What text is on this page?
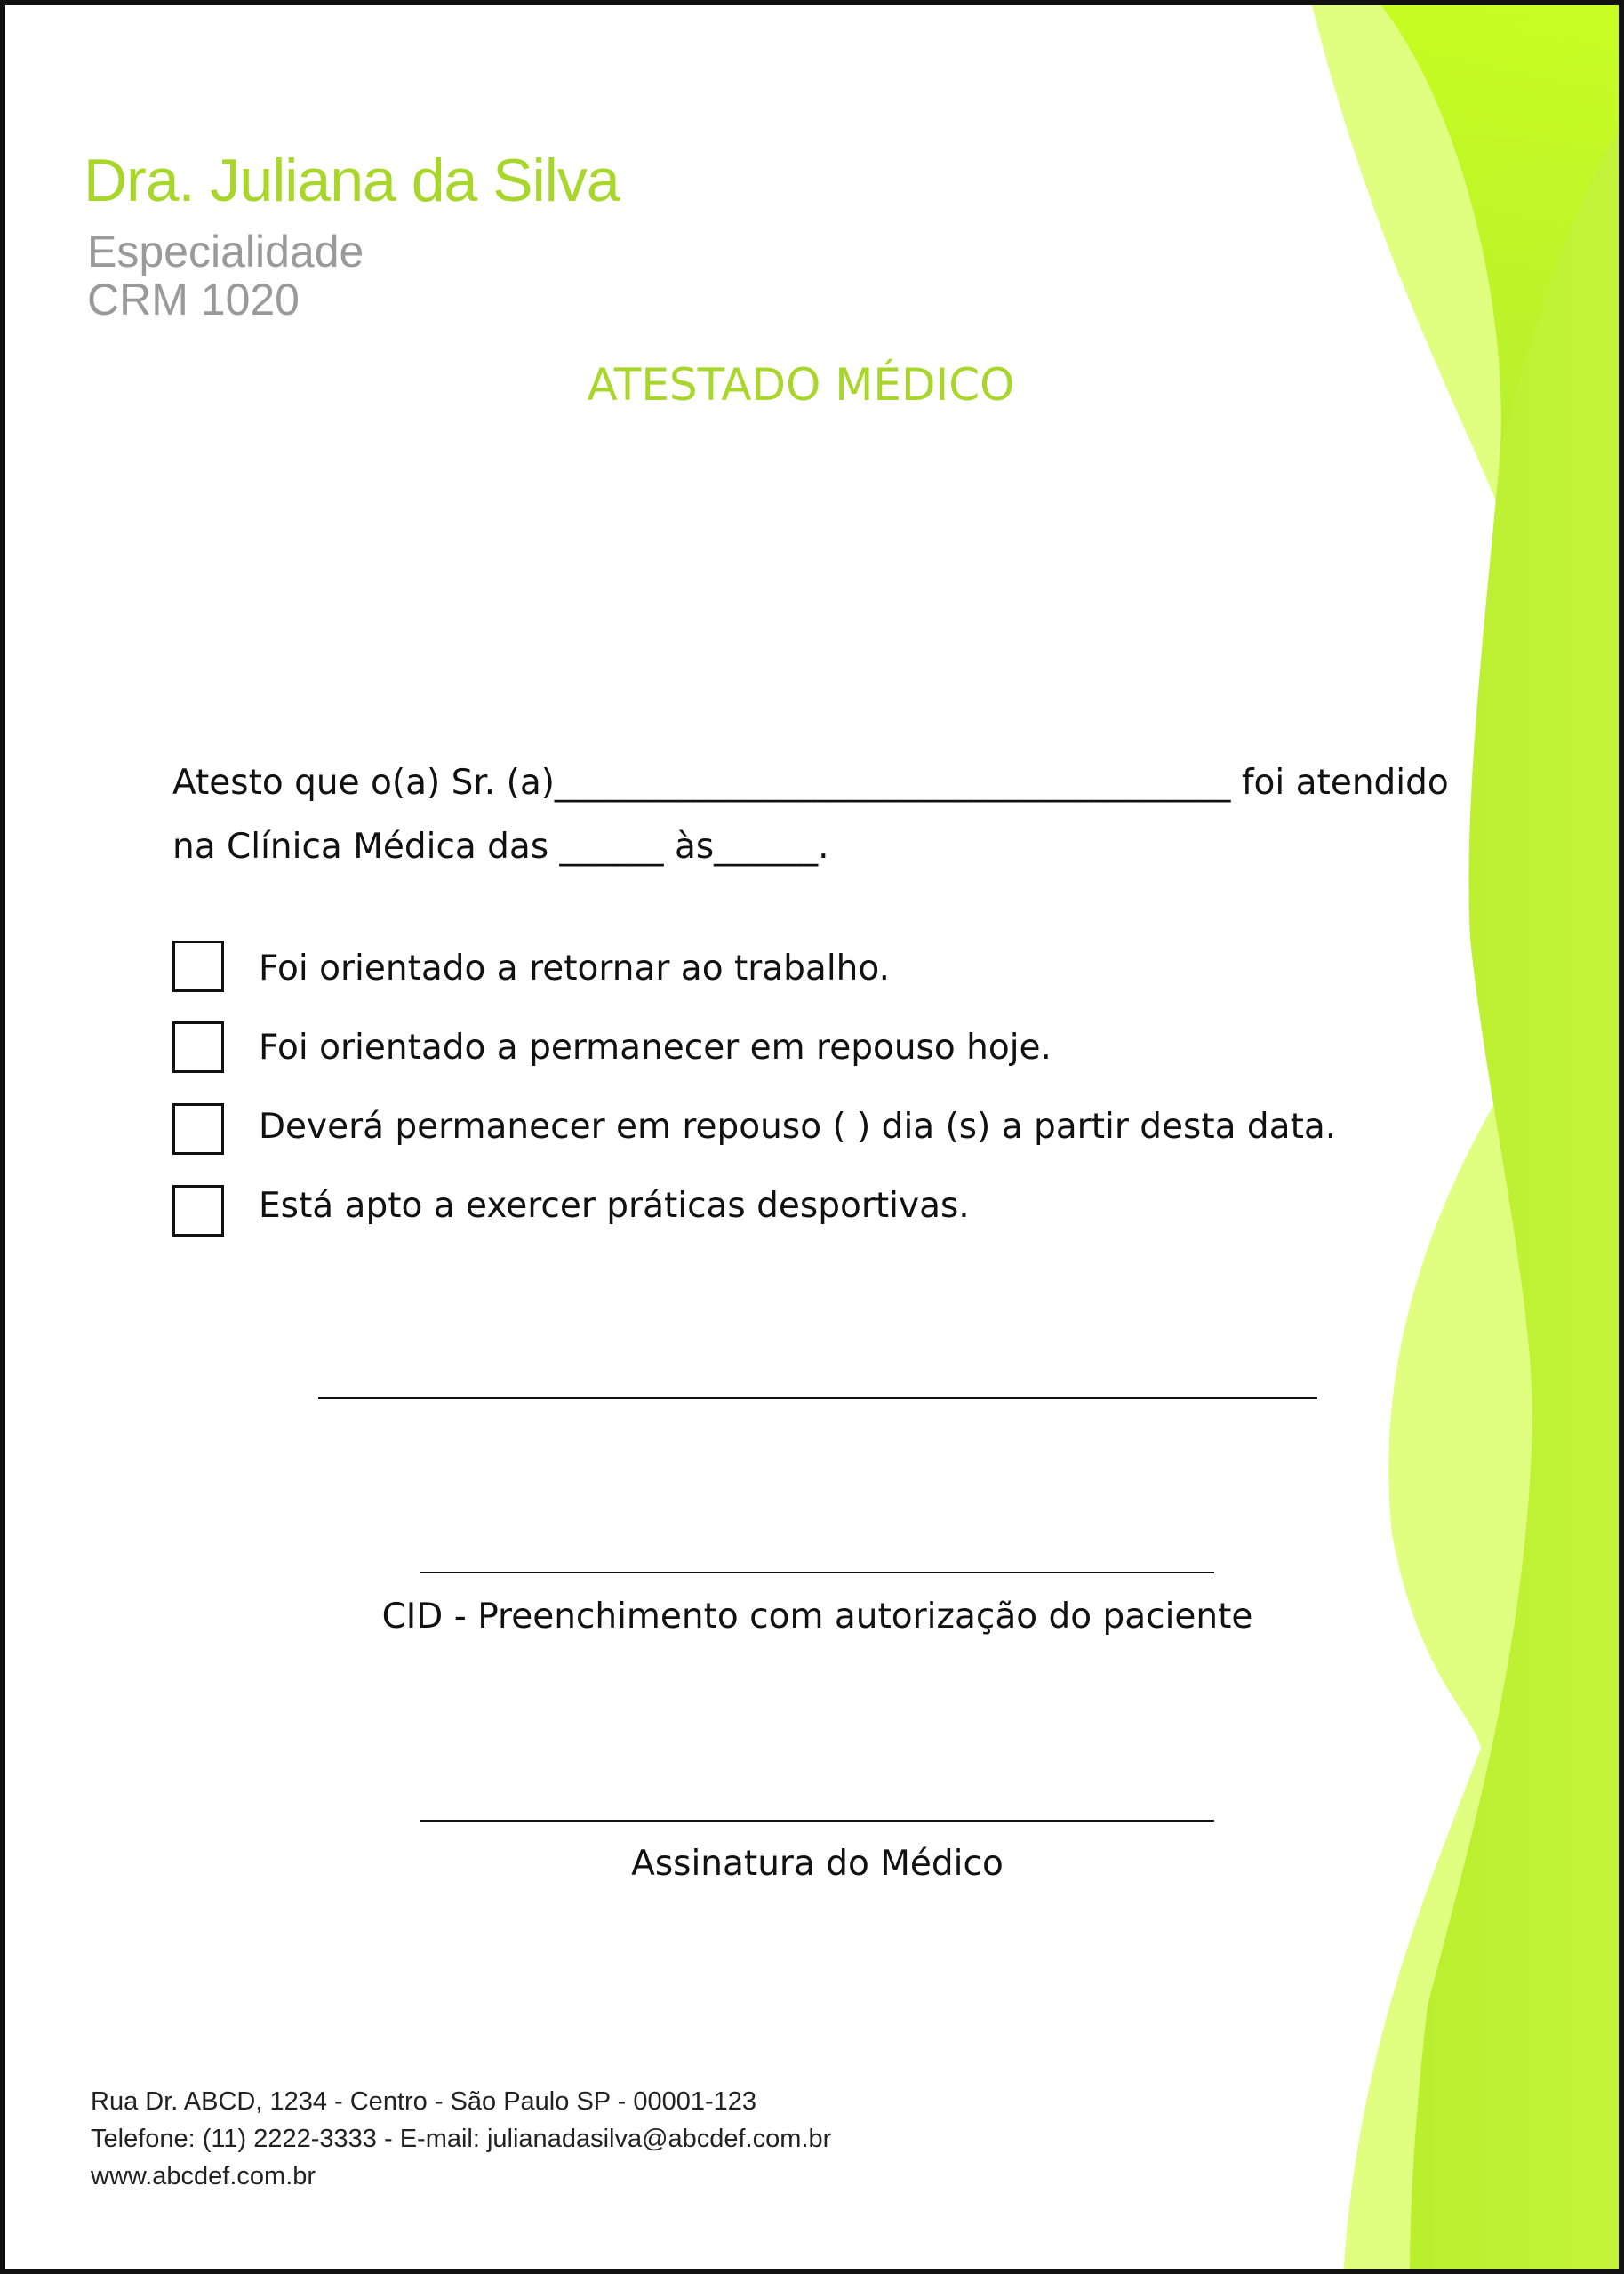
Dra. Juliana da Silva
Especialidade
CRM 1020
ATESTADO MÉDICO
Atesto que o(a) Sr. (a)_______________________________________ foi atendido
na Clínica Médica das ______ às______.
Foi orientado a retornar ao trabalho.
Foi orientado a permanecer em repouso hoje.
Deverá permanecer em repouso ( ) dia (s) a partir desta data.
Está apto a exercer práticas desportivas.
CID - Preenchimento com autorização do paciente
Assinatura do Médico
Rua Dr. ABCD, 1234 - Centro - São Paulo SP - 00001-123
Telefone: (11) 2222-3333 - E-mail: julianadasilva@abcdef.com.br
www.abcdef.com.br
